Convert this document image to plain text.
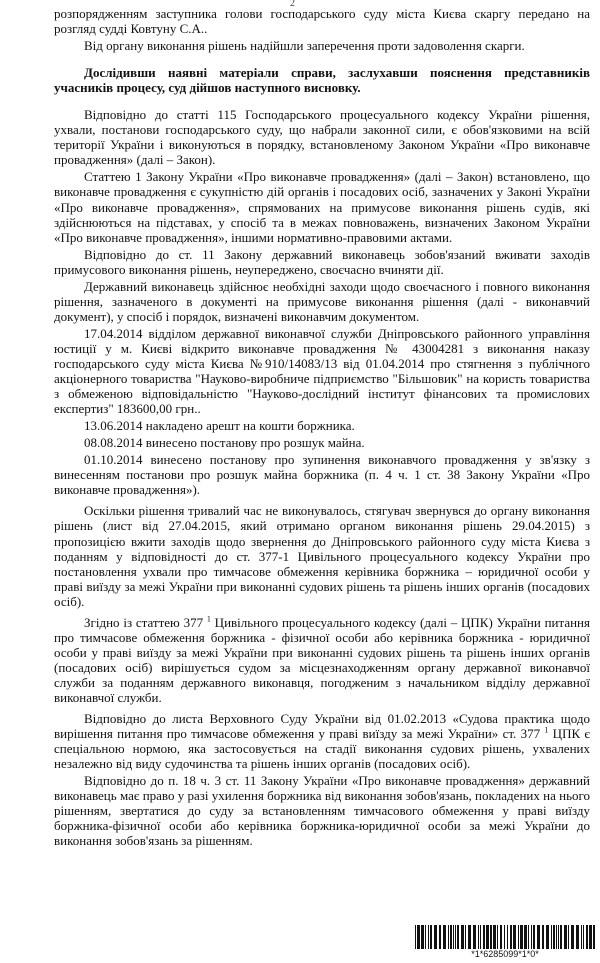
2

розпорядженням заступника голови господарського суду міста Києва скаргу передано на розгляд судді Ковтуну С.А..

Від органу виконання рішень надійшли заперечення проти задоволення скарги.

Дослідивши наявні матеріали справи, заслухавши пояснення представників учасників процесу, суд дійшов наступного висновку.

Відповідно до статті 115 Господарського процесуального кодексу України рішення, ухвали, постанови господарського суду, що набрали законної сили, є обов'язковими на всій території України і виконуються в порядку, встановленому Законом України «Про виконавче провадження» (далі – Закон).

Статтею 1 Закону України «Про виконавче провадження» (далі – Закон) встановлено, що виконавче провадження є сукупністю дій органів і посадових осіб, зазначених у Законі України «Про виконавче провадження», спрямованих на примусове виконання рішень судів, які здійснюються на підставах, у спосіб та в межах повноважень, визначених Законом України «Про виконавче провадження», іншими нормативно-правовими актами.

Відповідно до ст. 11 Закону державний виконавець зобов'язаний вживати заходів примусового виконання рішень, неупереджено, своєчасно вчиняти дії.

Державний виконавець здійснює необхідні заходи щодо своєчасного і повного виконання рішення, зазначеного в документі на примусове виконання рішення (далі - виконавчий документ), у спосіб і порядок, визначені виконавчим документом.

17.04.2014 відділом державної виконавчої служби Дніпровського районного управління юстиції у м. Києві відкрито виконавче провадження № 43004281 з виконання наказу господарського суду міста Києва №910/14083/13 від 01.04.2014 про стягнення з публічного акціонерного товариства "Науково-виробниче підприємство "Більшовик" на користь товариства з обмеженою відповідальністю "Науково-дослідний інститут фінансових та промислових експертиз" 183600,00 грн..

13.06.2014 накладено арешт на кошти боржника.

08.08.2014 винесено постанову про розшук майна.

01.10.2014 винесено постанову про зупинення виконавчого провадження у зв'язку з винесенням постанови про розшук майна боржника (п. 4 ч. 1 ст. 38 Закону України «Про виконавче провадження»).

Оскільки рішення тривалий час не виконувалось, стягувач звернувся до органу виконання рішень (лист від 27.04.2015, який отримано органом виконання рішень 29.04.2015) з пропозицією вжити заходів щодо звернення до Дніпровського районного суду міста Києва з поданням у відповідності до ст. 377-1 Цивільного процесуального кодексу України про постановлення ухвали про тимчасове обмеження керівника боржника – юридичної особи у праві виїзду за межі України при виконанні судових рішень та рішень інших органів (посадових осіб).

Згідно із статтею 377 $^1$ Цивільного процесуального кодексу (далі – ЦПК) України питання про тимчасове обмеження боржника - фізичної особи або керівника боржника - юридичної особи у праві виїзду за межі України при виконанні судових рішень та рішень інших органів (посадових осіб) вирішується судом за місцезнаходженням органу державної виконавчої служби за поданням державного виконавця, погодженим з начальником відділу державної виконавчої служби.

Відповідно до листа Верховного Суду України від 01.02.2013 «Судова практика щодо вирішення питання про тимчасове обмеження у праві виїзду за межі України» ст. 377 $^1$ ЦПК є спеціальною нормою, яка застосовується на стадії виконання судових рішень, ухвалених незалежно від виду судочинства та рішень інших органів (посадових осіб).

Відповідно до п. 18 ч. 3 ст. 11 Закону України «Про виконавче провадження» державний виконавець має право у разі ухилення боржника від виконання зобов'язань, покладених на нього рішенням, звертатися до суду за встановленням тимчасового обмеження у праві виїзду боржника-фізичної особи або керівника боржника-юридичної особи за межі України до виконання зобов'язань за рішенням.

*1*6285099*1*0*
